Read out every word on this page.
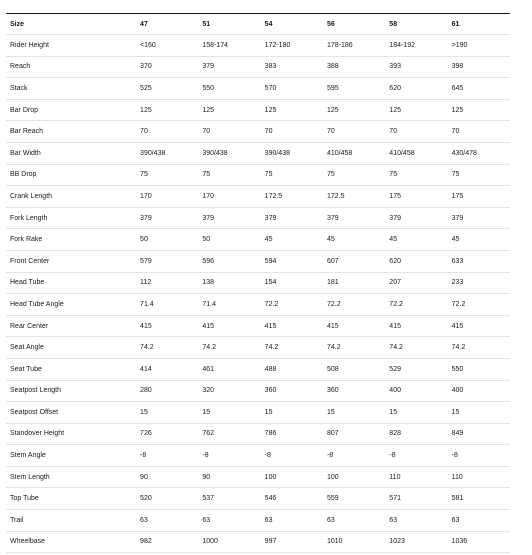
Size	47	51	54	56	58	61
Rider Height	<160	158-174	172-180	178-186	184-192	>190
Reach	370	379	383	388	393	398
Stack	525	550	570	595	620	645
Bar Drop	125	125	125	125	125	125
Bar Reach	70	70	70	70	70	70
Bar Width	390/438	390/438	390/438	410/458	410/458	430/478
BB Drop	75	75	75	75	75	75
Crank Length	170	170	172.5	172.5	175	175
Fork Length	379	379	379	379	379	379
Fork Rake	50	50	45	45	45	45
Front Center	579	596	594	607	620	633
Head Tube	112	138	154	181	207	233
Head Tube Angle	71.4	71.4	72.2	72.2	72.2	72.2
Rear Center	415	415	415	415	415	415
Seat Angle	74.2	74.2	74.2	74.2	74.2	74.2
Seat Tube	414	461	488	508	529	550
Seatpost Length	280	320	360	360	400	400
Seatpost Offset	15	15	15	15	15	15
Standover Height	726	762	786	807	828	849
Stem Angle	-8	-8	-8	-8	-8	-8
Stem Length	90	90	100	100	110	110
Top Tube	520	537	546	559	571	581
Trail	63	63	63	63	63	63
Wheelbase	982	1000	997	1010	1023	1036
